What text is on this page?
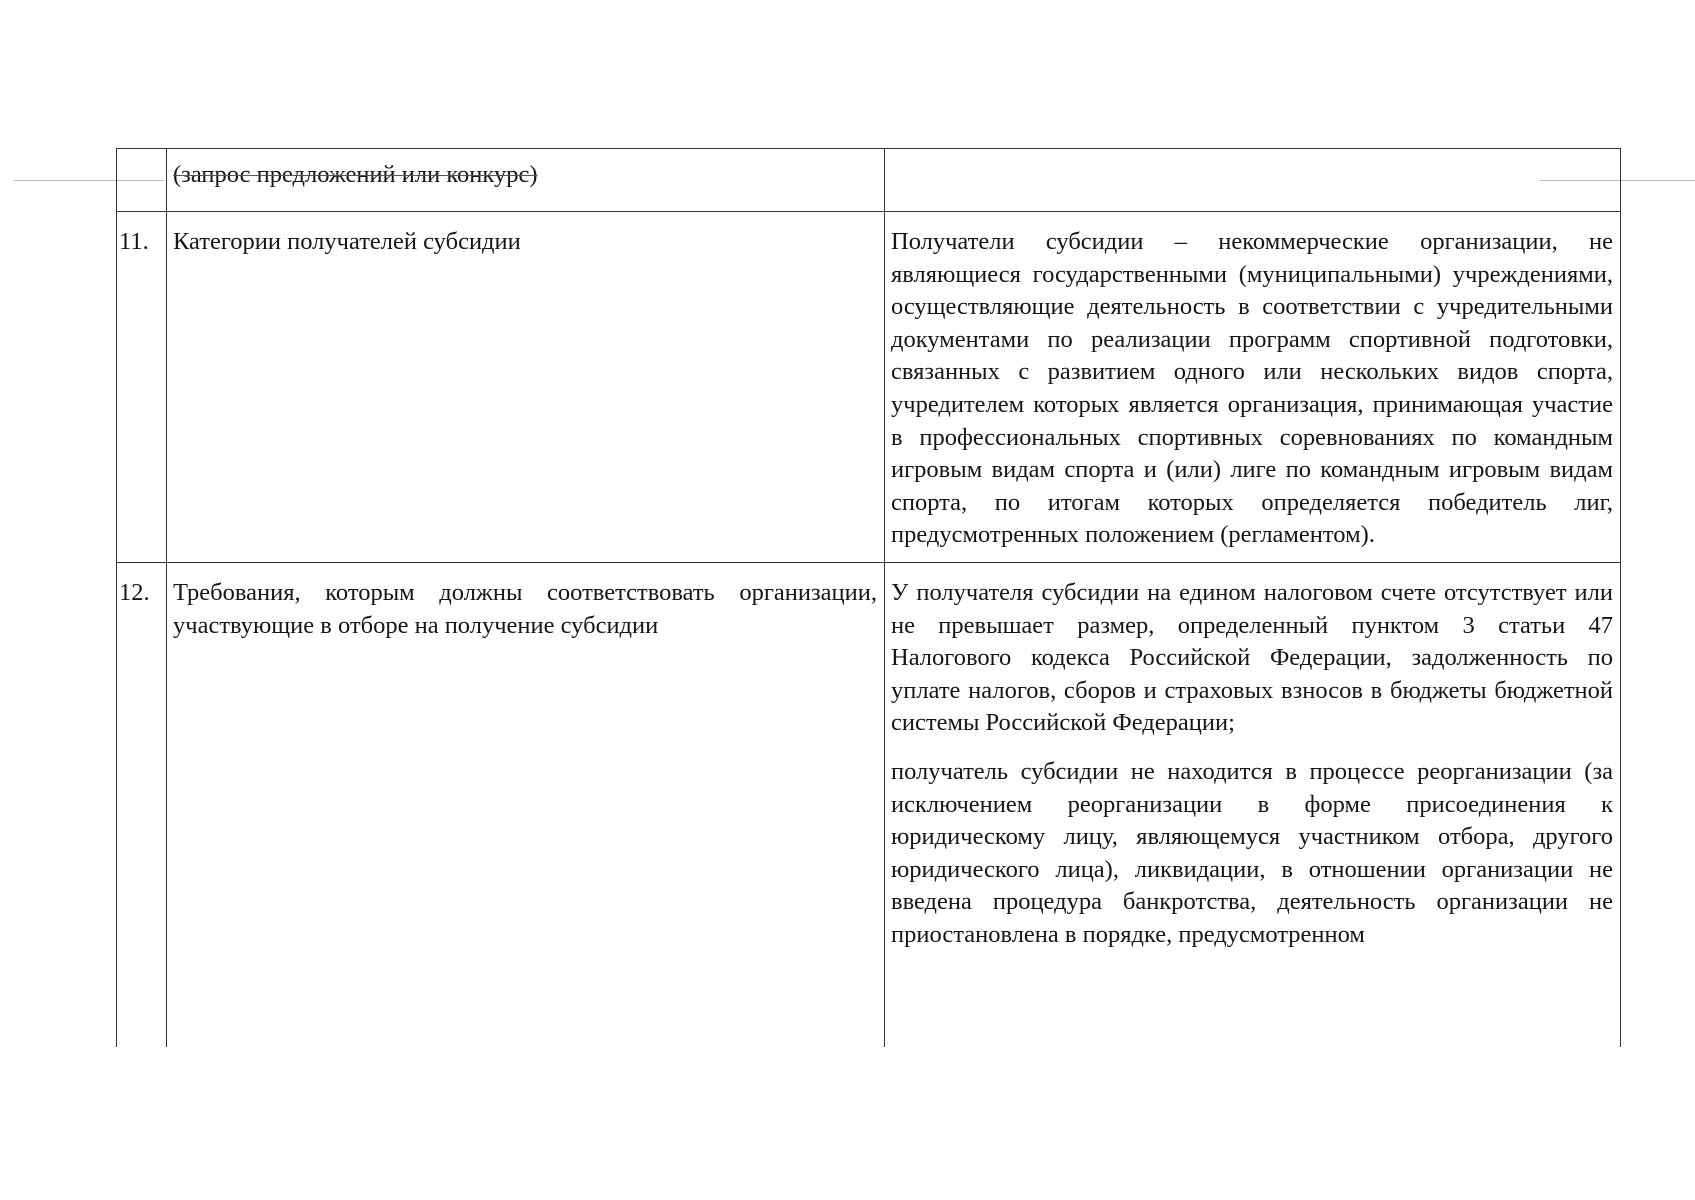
	(запрос предложений или конкурс)	
11.	Категории получателей субсидии	Получатели субсидии – некоммерческие организации, не являющиеся государственными (муниципальными) учреждениями, осуществляющие деятельность в соответствии с учредительными документами по реализации программ спортивной подготовки, связанных с развитием одного или нескольких видов спорта, учредителем которых является организация, принимающая участие в профессиональных спортивных соревнованиях по командным игровым видам спорта и (или) лиге по командным игровым видам спорта, по итогам которых определяется победитель лиг, предусмотренных положением (регламентом).
12.	Требования, которым должны соответствовать организации, участвующие в отборе на получение субсидии	У получателя субсидии на едином налоговом счете отсутствует или не превышает размер, определенный пунктом 3 статьи 47 Налогового кодекса Российской Федерации, задолженность по уплате налогов, сборов и страховых взносов в бюджеты бюджетной системы Российской Федерации;
получатель субсидии не находится в процессе реорганизации (за исключением реорганизации в форме присоединения к юридическому лицу, являющемуся участником отбора, другого юридического лица), ликвидации, в отношении организации не введена процедура банкротства, деятельность организации не приостановлена в порядке, предусмотренном
